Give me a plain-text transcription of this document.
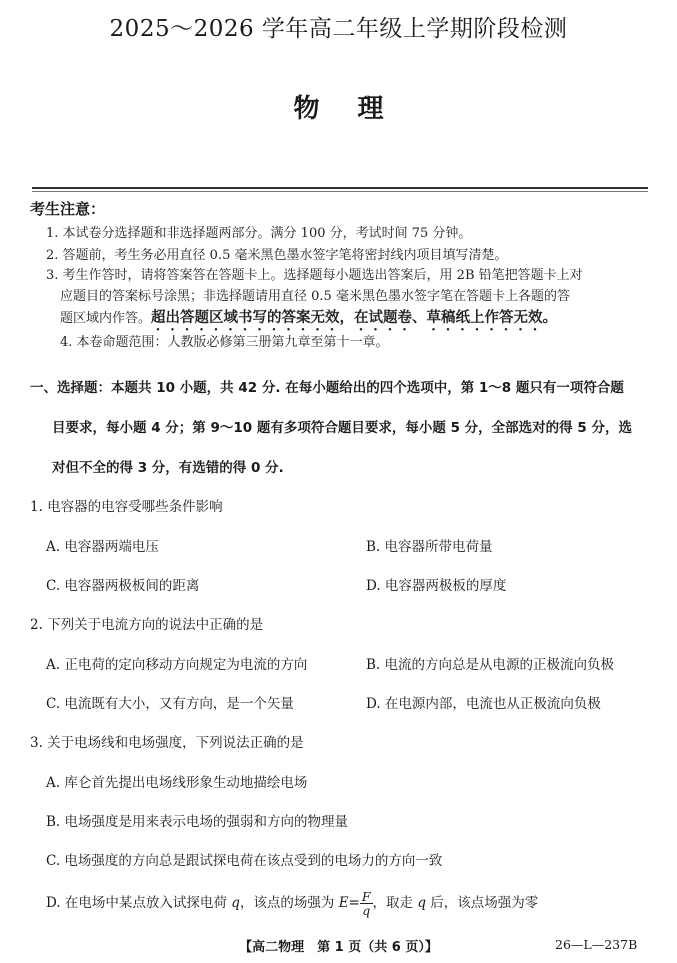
2025～2026 学年高二年级上学期阶段检测
物理
考生注意：
1. 本试卷分选择题和非选择题两部分。满分 100 分，考试时间 75 分钟。
2. 答题前，考生务必用直径 0.5 毫米黑色墨水签字笔将密封线内项目填写清楚。
3. 考生作答时，请将答案答在答题卡上。选择题每小题选出答案后，用 2B 铅笔把答题卡上对
应题目的答案标号涂黑；非选择题请用直径 0.5 毫米黑色墨水签字笔在答题卡上各题的答
题区域内作答。超出答题区域书写的答案无效，在试题卷、草稿纸上作答无效。
4. 本卷命题范围：人教版必修第三册第九章至第十一章。
一、选择题：本题共 10 小题，共 42 分. 在每小题给出的四个选项中，第 1～8 题只有一项符合题
目要求，每小题 4 分；第 9～10 题有多项符合题目要求，每小题 5 分，全部选对的得 5 分，选
对但不全的得 3 分，有选错的得 0 分.
1. 电容器的电容受哪些条件影响
A. 电容器两端电压	B. 电容器所带电荷量
C. 电容器两极板间的距离	D. 电容器两极板的厚度
2. 下列关于电流方向的说法中正确的是
A. 正电荷的定向移动方向规定为电流的方向	B. 电流的方向总是从电源的正极流向负极
C. 电流既有大小，又有方向，是一个矢量	D. 在电源内部，电流也从正极流向负极
3. 关于电场线和电场强度，下列说法正确的是
A. 库仑首先提出电场线形象生动地描绘电场
B. 电场强度是用来表示电场的强弱和方向的物理量
C. 电场强度的方向总是跟试探电荷在该点受到的电场力的方向一致
D. 在电场中某点放入试探电荷 q，该点的场强为 $E= \frac{F}{q}$ ，取走 q 后，该点场强为零
【高二物理　第 1 页（共 6 页）】	26—L—237B
